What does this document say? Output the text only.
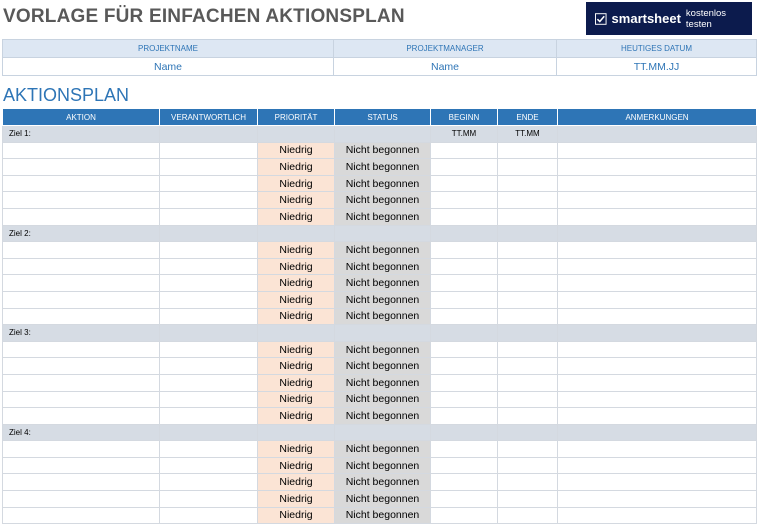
VORLAGE FÜR EINFACHEN AKTIONSPLAN	smartsheet kostenlos testen
PROJEKTNAME	PROJEKTMANAGER	HEUTIGES DATUM
Name	Name	TT.MM.JJ
AKTIONSPLAN
AKTION	VERANTWORTLICH	PRIORITÄT	STATUS	BEGINN	ENDE	ANMERKUNGEN
Ziel 1:				TT.MM	TT.MM	
		Niedrig	Nicht begonnen			
		Niedrig	Nicht begonnen			
		Niedrig	Nicht begonnen			
		Niedrig	Nicht begonnen			
		Niedrig	Nicht begonnen			
Ziel 2:						
		Niedrig	Nicht begonnen			
		Niedrig	Nicht begonnen			
		Niedrig	Nicht begonnen			
		Niedrig	Nicht begonnen			
		Niedrig	Nicht begonnen			
Ziel 3:						
		Niedrig	Nicht begonnen			
		Niedrig	Nicht begonnen			
		Niedrig	Nicht begonnen			
		Niedrig	Nicht begonnen			
		Niedrig	Nicht begonnen			
Ziel 4:						
		Niedrig	Nicht begonnen			
		Niedrig	Nicht begonnen			
		Niedrig	Nicht begonnen			
		Niedrig	Nicht begonnen			
		Niedrig	Nicht begonnen			
